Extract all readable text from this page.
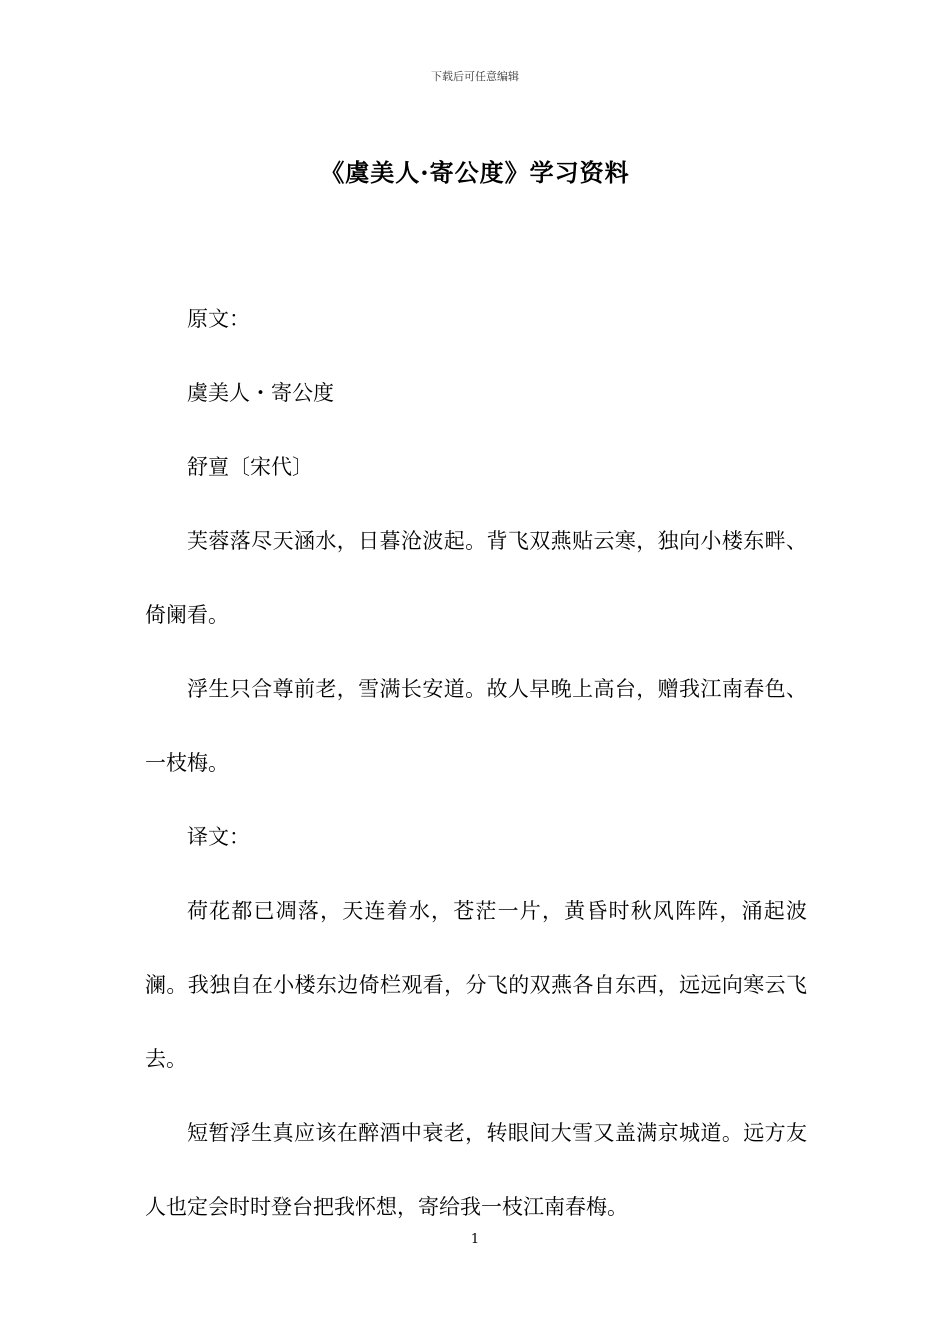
下载后可任意编辑
《虞美人·寄公度》学习资料

原文：

虞美人・寄公度

舒亶〔宋代〕

芙蓉落尽天涵水，日暮沧波起。背飞双燕贴云寒，独向小楼东畔、倚阑看。

浮生只合尊前老，雪满长安道。故人早晚上高台，赠我江南春色、一枝梅。

译文：

荷花都已凋落，天连着水，苍茫一片，黄昏时秋风阵阵，涌起波澜。我独自在小楼东边倚栏观看，分飞的双燕各自东西，远远向寒云飞去。

短暂浮生真应该在醉酒中衰老，转眼间大雪又盖满京城道。远方友人也定会时时登台把我怀想，寄给我一枝江南春梅。

1
